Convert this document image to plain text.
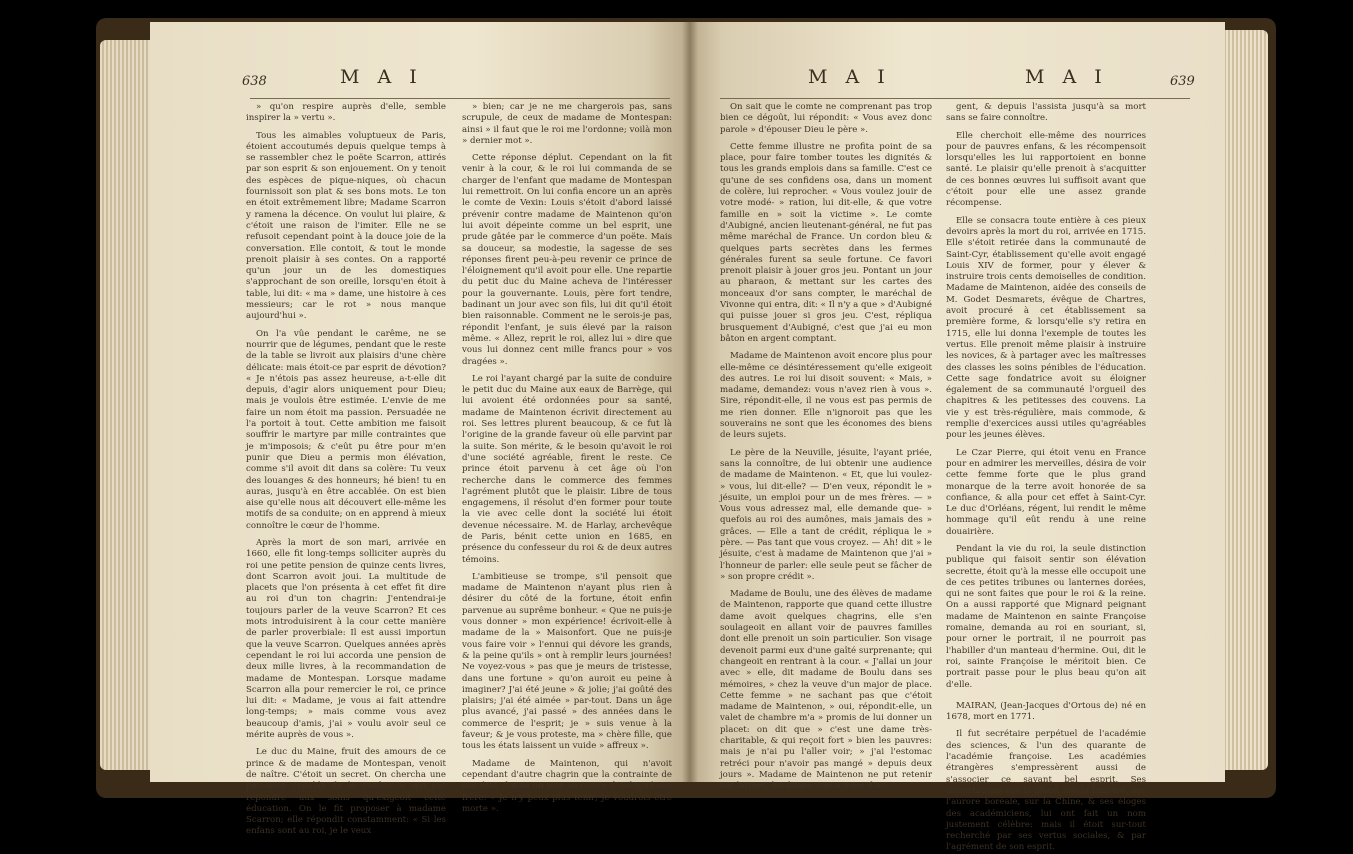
638	M A I

» qu'on respire auprès d'elle, semble inspirer la » vertu ».

Tous les aimables voluptueux de Paris, étoient accoutumés depuis quelque temps à se rassembler chez le poëte Scarron, attirés par son esprit & son enjouement. On y tenoit des espèces de pique-niques, où chacun fournissoit son plat & ses bons mots. Le ton en étoit extrêmement libre; Madame Scarron y ramena la décence. On voulut lui plaire, & c'étoit une raison de l'imiter. Elle ne se refusoit cependant point à la douce joie de la conversation. Elle contoit, & tout le monde prenoit plaisir à ses contes. On a rapporté qu'un jour un de les domestiques s'approchant de son oreille, lorsqu'en étoit à table, lui dit: « ma » dame, une histoire à ces messieurs; car le rot » nous manque aujourd'hui ».

On l'a vûe pendant le carême, ne se nourrir que de légumes, pendant que le reste de la table se livroit aux plaisirs d'une chère délicate: mais étoit-ce par esprit de dévotion? « Je n'étois pas assez heureuse, a-t-elle dit depuis, d'agir alors uniquement pour Dieu; mais je voulois être estimée. L'envie de me faire un nom étoit ma passion. Persuadée ne l'a portoit à tout. Cette ambition me faisoit souffrir le martyre par mille contraintes que je m'imposois; & c'eût pu être pour m'en punir que Dieu a permis mon élévation, comme s'il avoit dit dans sa colère: Tu veux des louanges & des honneurs; hé bien! tu en auras, jusqu'à en être accablée. On est bien aise qu'elle nous ait découvert elle-même les motifs de sa conduite; on en apprend à mieux connoître le cœur de l'homme.

Après la mort de son mari, arrivée en 1660, elle fit long-temps solliciter auprès du roi une petite pension de quinze cents livres, dont Scarron avoit joui. La multitude de placets que l'on présenta à cet effet fit dire au roi d'un ton chagrin: J'entendrai-je toujours parler de la veuve Scarron? Et ces mots introduisirent à la cour cette manière de parler proverbiale: Il est aussi importun que la veuve Scarron. Quelques années après cependant le roi lui accorda une pension de deux mille livres, à la recommandation de madame de Montespan. Lorsque madame Scarron alla pour remercier le roi, ce prince lui dit: « Madame, je vous ai fait attendre long-temps; » mais comme vous avez beaucoup d'amis, j'ai » voulu avoir seul ce mérite auprès de vous ».

Le duc du Maine, fruit des amours de ce prince & de madame de Montespan, venoit de naître. C'étoit un secret. On chercha une personne capable de le garder, & qui put répondre aux soins qu'exigeoit cette éducation. On le fit proposer à madame Scarron; elle répondit constamment: « Si les enfans sont au roi, je le veux

» bien; car je ne me chargerois pas, sans scrupule, de ceux de madame de Montespan: ainsi » il faut que le roi me l'ordonne; voilà mon » dernier mot ».

Cette réponse déplut. Cependant on la fit venir à la cour, & le roi lui commanda de se charger de l'enfant que madame de Montespan lui remettroit. On lui confia encore un an après le comte de Vexin: Louis s'étoit d'abord laissé prévenir contre madame de Maintenon qu'on lui avoit dépeinte comme un bel esprit, une prude gâtée par le commerce d'un poëte. Mais sa douceur, sa modestie, la sagesse de ses réponses firent peu-à-peu revenir ce prince de l'éloignement qu'il avoit pour elle. Une repartie du petit duc du Maine acheva de l'intéresser pour la gouvernante. Louis, père fort tendre, badinant un jour avec son fils, lui dit qu'il étoit bien raisonnable. Comment ne le serois-je pas, répondit l'enfant, je suis élevé par la raison même. « Allez, reprit le roi, allez lui » dire que vous lui donnez cent mille francs pour » vos dragées ».

Le roi l'ayant chargé par la suite de conduire le petit duc du Maine aux eaux de Barrège, qui lui avoient été ordonnées pour sa santé, madame de Maintenon écrivit directement au roi. Ses lettres plurent beaucoup, & ce fut là l'origine de la grande faveur où elle parvint par la suite. Son mérite, & le besoin qu'avoit le roi d'une société agréable, firent le reste. Ce prince étoit parvenu à cet âge où l'on recherche dans le commerce des femmes l'agrément plutôt que le plaisir. Libre de tous engagemens, il résolut d'en former pour toute la vie avec celle dont la société lui étoit devenue nécessaire. M. de Harlay, archevêque de Paris, bénit cette union en 1685, en présence du confesseur du roi & de deux autres témoins.

L'ambitieuse se trompe, s'il pensoit que madame de Maintenon n'ayant plus rien à désirer du côté de la fortune, étoit enfin parvenue au suprême bonheur. « Que ne puis-je vous donner » mon expérience! écrivoit-elle à madame de la » Maisonfort. Que ne puis-je vous faire voir » l'ennui qui dévore les grands, & la peine qu'ils » ont à remplir leurs journées! Ne voyez-vous » pas que je meurs de tristesse, dans une fortune » qu'on auroit eu peine à imaginer? J'ai été jeune » & jolie; j'ai goûté des plaisirs; j'ai été aimée » par-tout. Dans un âge plus avancé, j'ai passé » des années dans le commerce de l'esprit; je » suis venue à la faveur; & je vous proteste, ma » chère fille, que tous les états laissent un vuide » affreux ».

Madame de Maintenon, qui n'avoit cependant d'autre chagrin que la contrainte de son état, donna un jour au comte d'Aubigné son frère: « Je n'y peux plus tenir; je voudrois être morte ».

M A I	M A I	639

On sait que le comte ne comprenant pas trop bien ce dégoût, lui répondit: « Vous avez donc parole » d'épouser Dieu le père ».

Cette femme illustre ne profita point de sa place, pour faire tomber toutes les dignités & tous les grands emplois dans sa famille. C'est ce qu'une de ses confidens osa, dans un moment de colère, lui reprocher. « Vous voulez jouir de votre modé- » ration, lui dit-elle, & que votre famille en » soit la victime ». Le comte d'Aubigné, ancien lieutenant-général, ne fut pas même maréchal de France. Un cordon bleu & quelques parts secrètes dans les fermes générales furent sa seule fortune. Ce favori prenoit plaisir à jouer gros jeu. Pontant un jour au pharaon, & mettant sur les cartes des monceaux d'or sans compter, le maréchal de Vivonne qui entra, dit: « Il n'y a que » d'Aubigné qui puisse jouer si gros jeu. C'est, répliqua brusquement d'Aubigné, c'est que j'ai eu mon bâton en argent comptant.

Madame de Maintenon avoit encore plus pour elle-même ce désintéressement qu'elle exigeoit des autres. Le roi lui disoit souvent: « Mais, » madame, demandez: vous n'avez rien à vous ». Sire, répondit-elle, il ne vous est pas permis de me rien donner. Elle n'ignoroit pas que les souverains ne sont que les économes des biens de leurs sujets.

Le père de la Neuville, jésuite, l'ayant priée, sans la connoître, de lui obtenir une audience de madame de Maintenon. « Et, que lui voulez- » vous, lui dit-elle? — D'en veux, répondit le » jésuite, un emploi pour un de mes frères. — » Vous vous adressez mal, elle demande que- » quefois au roi des aumônes, mais jamais des » grâces. — Elle a tant de crédit, répliqua le » père. — Pas tant que vous croyez. — Ah! dit » le jésuite, c'est à madame de Maintenon que j'ai » l'honneur de parler: elle seule peut se fâcher de » son propre crédit ».

Madame de Boulu, une des élèves de madame de Maintenon, rapporte que quand cette illustre dame avoit quelques chagrins, elle s'en soulageoit en allant voir de pauvres familles dont elle prenoit un soin particulier. Son visage devenoit parmi eux d'une gaîté surprenante; qui changeoit en rentrant à la cour. « J'allai un jour avec » elle, dit madame de Boulu dans ses mémoires, » chez la veuve d'un major de place. Cette femme » ne sachant pas que c'étoit madame de Maintenon, » oui, répondit-elle, un valet de chambre m'a » promis de lui donner un placet: on dit que » c'est une dame très-charitable, & qui reçoit fort » bien les pauvres: mais je n'ai pu l'aller voir; » j'ai l'estomac retréci pour n'avoir pas mangé » depuis deux jours ». Madame de Maintenon ne put retenir ses larmes, lui donna une somme d'ar-

gent, & depuis l'assista jusqu'à sa mort sans se faire connoître.

Elle cherchoit elle-même des nourrices pour de pauvres enfans, & les récompensoit lorsqu'elles les lui rapportoient en bonne santé. Le plaisir qu'elle prenoit à s'acquitter de ces bonnes œuvres lui suffisoit avant que c'étoit pour elle une assez grande récompense.

Elle se consacra toute entière à ces pieux devoirs après la mort du roi, arrivée en 1715. Elle s'étoit retirée dans la communauté de Saint-Cyr, établissement qu'elle avoit engagé Louis XIV de former, pour y élever & instruire trois cents demoiselles de condition. Madame de Maintenon, aidée des conseils de M. Godet Desmarets, évêque de Chartres, avoit procuré à cet établissement sa première forme, & lorsqu'elle s'y retira en 1715, elle lui donna l'exemple de toutes les vertus. Elle prenoit même plaisir à instruire les novices, & à partager avec les maîtresses des classes les soins pénibles de l'éducation. Cette sage fondatrice avoit su éloigner également de sa communauté l'orgueil des chapitres & les petitesses des couvens. La vie y est très-régulière, mais commode, & remplie d'exercices aussi utiles qu'agréables pour les jeunes élèves.

Le Czar Pierre, qui étoit venu en France pour en admirer les merveilles, désira de voir cette femme forte que le plus grand monarque de la terre avoit honorée de sa confiance, & alla pour cet effet à Saint-Cyr. Le duc d'Orléans, régent, lui rendit le même hommage qu'il eût rendu à une reine douairière.

Pendant la vie du roi, la seule distinction publique qui faisoit sentir son élévation secrette, étoit qu'à la messe elle occupoit une de ces petites tribunes ou lanternes dorées, qui ne sont faites que pour le roi & la reine. On a aussi rapporté que Mignard peignant madame de Maintenon en sainte Françoise romaine, demanda au roi en souriant, si, pour orner le portrait, il ne pourroit pas l'habiller d'un manteau d'hermine. Oui, dit le roi, sainte Françoise le méritoit bien. Ce portrait passe pour le plus beau qu'on ait d'elle.

MAIRAN, (Jean-Jacques d'Ortous de) né en 1678, mort en 1771.

Il fut secrétaire perpétuel de l'académie des sciences, & l'un des quarante de l'académie françoise. Les académies étrangères s'empressèrent aussi de s'associer ce savant bel esprit. Ses dissertations sur la glace, sur la lumière, sur l'aurore boréale, sur la Chine, & ses éloges des académiciens, lui ont fait un nom justement célèbre: mais il étoit sur-tout recherché par ses vertus sociales, & par l'agrément de son esprit.
